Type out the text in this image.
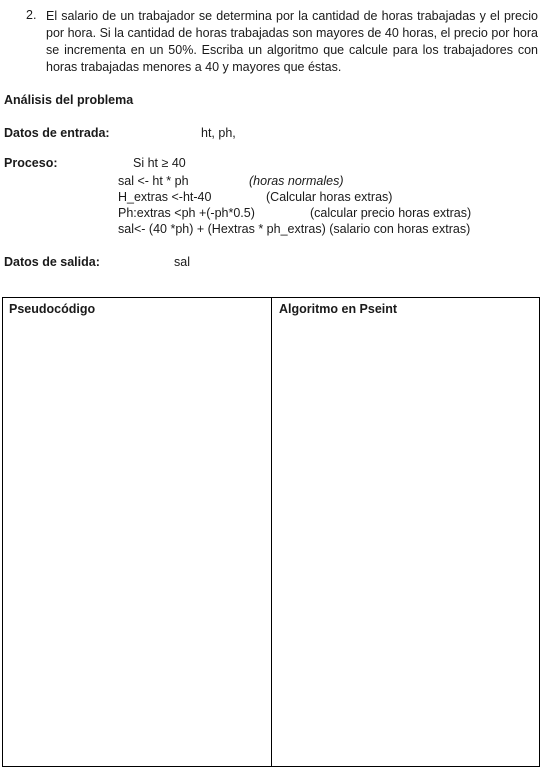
2. El salario de un trabajador se determina por la cantidad de horas trabajadas y el precio por hora. Si la cantidad de horas trabajadas son mayores de 40 horas, el precio por hora se incrementa en un 50%. Escriba un algoritmo que calcule para los trabajadores con horas trabajadas menores a 40 y mayores que éstas.
Análisis del problema
Datos de entrada:	ht, ph,
Proceso:	Si ht ≥ 40
sal <- ht * ph	(horas normales)
H_extras <-ht-40	(Calcular horas extras)
Ph:extras <ph +(-ph*0.5)	(calcular precio horas extras)
sal<- (40 *ph) + (Hextras * ph_extras) (salario con horas extras)
Datos de salida:	sal
Pseudocódigo	Algoritmo en Pseint
